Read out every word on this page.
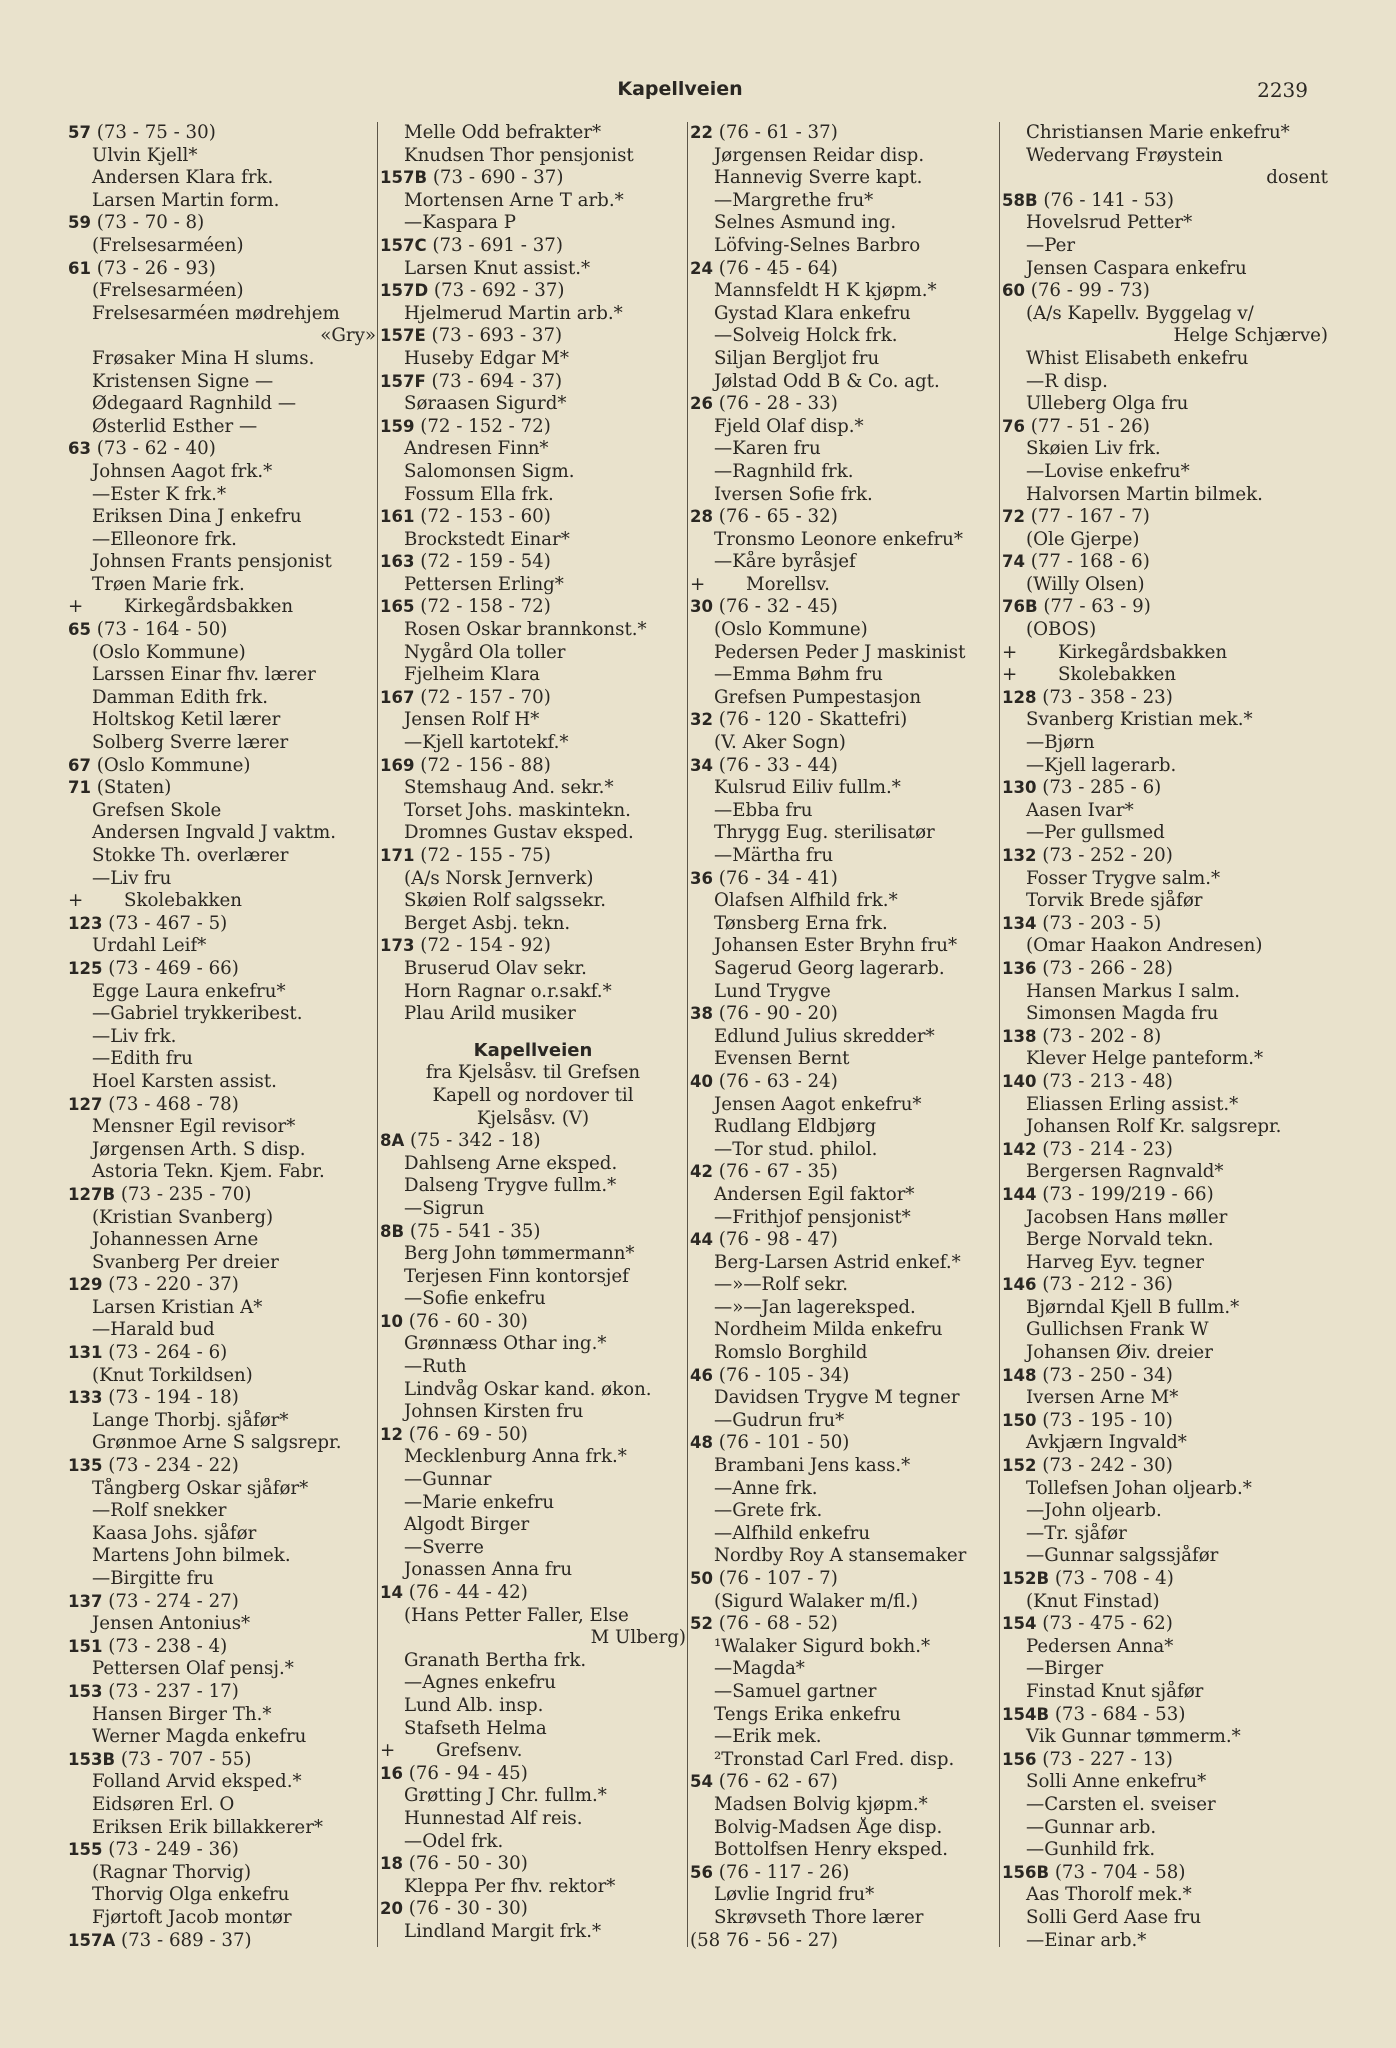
Kapellveien	2239
57 (73 - 75 - 30)
Ulvin Kjell*
Andersen Klara frk.
Larsen Martin form.
59 (73 - 70 - 8)
(Frelsesarméen)
61 (73 - 26 - 93)
(Frelsesarméen)
Frelsesarméen mødrehjem
«Gry»
Frøsaker Mina H slums.
Kristensen Signe —
Ødegaard Ragnhild —
Østerlid Esther —
63 (73 - 62 - 40)
Johnsen Aagot frk.*
—Ester K frk.*
Eriksen Dina J enkefru
—Elleonore frk.
Johnsen Frants pensjonist
Trøen Marie frk.
+ Kirkegårdsbakken
65 (73 - 164 - 50)
(Oslo Kommune)
Larssen Einar fhv. lærer
Damman Edith frk.
Holtskog Ketil lærer
Solberg Sverre lærer
67 (Oslo Kommune)
71 (Staten)
Grefsen Skole
Andersen Ingvald J vaktm.
Stokke Th. overlærer
—Liv fru
+ Skolebakken
123 (73 - 467 - 5)
Urdahl Leif*
125 (73 - 469 - 66)
Egge Laura enkefru*
—Gabriel trykkeribest.
—Liv frk.
—Edith fru
Hoel Karsten assist.
127 (73 - 468 - 78)
Mensner Egil revisor*
Jørgensen Arth. S disp.
Astoria Tekn. Kjem. Fabr.
127B (73 - 235 - 70)
(Kristian Svanberg)
Johannessen Arne
Svanberg Per dreier
129 (73 - 220 - 37)
Larsen Kristian A*
—Harald bud
131 (73 - 264 - 6)
(Knut Torkildsen)
133 (73 - 194 - 18)
Lange Thorbj. sjåfør*
Grønmoe Arne S salgsrepr.
135 (73 - 234 - 22)
Tångberg Oskar sjåfør*
—Rolf snekker
Kaasa Johs. sjåfør
Martens John bilmek.
—Birgitte fru
137 (73 - 274 - 27)
Jensen Antonius*
151 (73 - 238 - 4)
Pettersen Olaf pensj.*
153 (73 - 237 - 17)
Hansen Birger Th.*
Werner Magda enkefru
153B (73 - 707 - 55)
Folland Arvid eksped.*
Eidsøren Erl. O
Eriksen Erik billakkerer*
155 (73 - 249 - 36)
(Ragnar Thorvig)
Thorvig Olga enkefru
Fjørtoft Jacob montør
157A (73 - 689 - 37)
Melle Odd befrakter*
Knudsen Thor pensjonist
157B (73 - 690 - 37)
Mortensen Arne T arb.*
—Kaspara P
157C (73 - 691 - 37)
Larsen Knut assist.*
157D (73 - 692 - 37)
Hjelmerud Martin arb.*
157E (73 - 693 - 37)
Huseby Edgar M*
157F (73 - 694 - 37)
Søraasen Sigurd*
159 (72 - 152 - 72)
Andresen Finn*
Salomonsen Sigm.
Fossum Ella frk.
161 (72 - 153 - 60)
Brockstedt Einar*
163 (72 - 159 - 54)
Pettersen Erling*
165 (72 - 158 - 72)
Rosen Oskar brannkonst.*
Nygård Ola toller
Fjelheim Klara
167 (72 - 157 - 70)
Jensen Rolf H*
—Kjell kartotekf.*
169 (72 - 156 - 88)
Stemshaug And. sekr.*
Torset Johs. maskintekn.
Dromnes Gustav eksped.
171 (72 - 155 - 75)
(A/s Norsk Jernverk)
Skøien Rolf salgssekr.
Berget Asbj. tekn.
173 (72 - 154 - 92)
Bruserud Olav sekr.
Horn Ragnar o.r.sakf.*
Plau Arild musiker
Kapellveien
fra Kjelsåsv. til Grefsen
Kapell og nordover til
Kjelsåsv. (V)
8A (75 - 342 - 18)
Dahlseng Arne eksped.
Dalseng Trygve fullm.*
—Sigrun
8B (75 - 541 - 35)
Berg John tømmermann*
Terjesen Finn kontorsjef
—Sofie enkefru
10 (76 - 60 - 30)
Grønnæss Othar ing.*
—Ruth
Lindvåg Oskar kand. økon.
Johnsen Kirsten fru
12 (76 - 69 - 50)
Mecklenburg Anna frk.*
—Gunnar
—Marie enkefru
Algodt Birger
—Sverre
Jonassen Anna fru
14 (76 - 44 - 42)
(Hans Petter Faller, Else
M Ulberg)
Granath Bertha frk.
—Agnes enkefru
Lund Alb. insp.
Stafseth Helma
+ Grefsenv.
16 (76 - 94 - 45)
Grøtting J Chr. fullm.*
Hunnestad Alf reis.
—Odel frk.
18 (76 - 50 - 30)
Kleppa Per fhv. rektor*
20 (76 - 30 - 30)
Lindland Margit frk.*
22 (76 - 61 - 37)
Jørgensen Reidar disp.
Hannevig Sverre kapt.
—Margrethe fru*
Selnes Asmund ing.
Löfving-Selnes Barbro
24 (76 - 45 - 64)
Mannsfeldt H K kjøpm.*
Gystad Klara enkefru
—Solveig Holck frk.
Siljan Bergljot fru
Jølstad Odd B & Co. agt.
26 (76 - 28 - 33)
Fjeld Olaf disp.*
—Karen fru
—Ragnhild frk.
Iversen Sofie frk.
28 (76 - 65 - 32)
Tronsmo Leonore enkefru*
—Kåre byråsjef
+ Morellsv.
30 (76 - 32 - 45)
(Oslo Kommune)
Pedersen Peder J maskinist
—Emma Bøhm fru
Grefsen Pumpestasjon
32 (76 - 120 - Skattefri)
(V. Aker Sogn)
34 (76 - 33 - 44)
Kulsrud Eiliv fullm.*
—Ebba fru
Thrygg Eug. sterilisatør
—Märtha fru
36 (76 - 34 - 41)
Olafsen Alfhild frk.*
Tønsberg Erna frk.
Johansen Ester Bryhn fru*
Sagerud Georg lagerarb.
Lund Trygve
38 (76 - 90 - 20)
Edlund Julius skredder*
Evensen Bernt
40 (76 - 63 - 24)
Jensen Aagot enkefru*
Rudlang Eldbjørg
—Tor stud. philol.
42 (76 - 67 - 35)
Andersen Egil faktor*
—Frithjof pensjonist*
44 (76 - 98 - 47)
Berg-Larsen Astrid enkef.*
—»—Rolf sekr.
—»—Jan lagereksped.
Nordheim Milda enkefru
Romslo Borghild
46 (76 - 105 - 34)
Davidsen Trygve M tegner
—Gudrun fru*
48 (76 - 101 - 50)
Brambani Jens kass.*
—Anne frk.
—Grete frk.
—Alfhild enkefru
Nordby Roy A stansemaker
50 (76 - 107 - 7)
(Sigurd Walaker m/fl.)
52 (76 - 68 - 52)
¹Walaker Sigurd bokh.*
—Magda*
—Samuel gartner
Tengs Erika enkefru
—Erik mek.
²Tronstad Carl Fred. disp.
54 (76 - 62 - 67)
Madsen Bolvig kjøpm.*
Bolvig-Madsen Åge disp.
Bottolfsen Henry eksped.
56 (76 - 117 - 26)
Løvlie Ingrid fru*
Skrøvseth Thore lærer
(58 76 - 56 - 27)
Christiansen Marie enkefru*
Wedervang Frøystein
dosent
58B (76 - 141 - 53)
Hovelsrud Petter*
—Per
Jensen Caspara enkefru
60 (76 - 99 - 73)
(A/s Kapellv. Byggelag v/
Helge Schjærve)
Whist Elisabeth enkefru
—R disp.
Ulleberg Olga fru
76 (77 - 51 - 26)
Skøien Liv frk.
—Lovise enkefru*
Halvorsen Martin bilmek.
72 (77 - 167 - 7)
(Ole Gjerpe)
74 (77 - 168 - 6)
(Willy Olsen)
76B (77 - 63 - 9)
(OBOS)
+ Kirkegårdsbakken
+ Skolebakken
128 (73 - 358 - 23)
Svanberg Kristian mek.*
—Bjørn
—Kjell lagerarb.
130 (73 - 285 - 6)
Aasen Ivar*
—Per gullsmed
132 (73 - 252 - 20)
Fosser Trygve salm.*
Torvik Brede sjåfør
134 (73 - 203 - 5)
(Omar Haakon Andresen)
136 (73 - 266 - 28)
Hansen Markus I salm.
Simonsen Magda fru
138 (73 - 202 - 8)
Klever Helge panteform.*
140 (73 - 213 - 48)
Eliassen Erling assist.*
Johansen Rolf Kr. salgsrepr.
142 (73 - 214 - 23)
Bergersen Ragnvald*
144 (73 - 199/219 - 66)
Jacobsen Hans møller
Berge Norvald tekn.
Harveg Eyv. tegner
146 (73 - 212 - 36)
Bjørndal Kjell B fullm.*
Gullichsen Frank W
Johansen Øiv. dreier
148 (73 - 250 - 34)
Iversen Arne M*
150 (73 - 195 - 10)
Avkjærn Ingvald*
152 (73 - 242 - 30)
Tollefsen Johan oljearb.*
—John oljearb.
—Tr. sjåfør
—Gunnar salgssjåfør
152B (73 - 708 - 4)
(Knut Finstad)
154 (73 - 475 - 62)
Pedersen Anna*
—Birger
Finstad Knut sjåfør
154B (73 - 684 - 53)
Vik Gunnar tømmerm.*
156 (73 - 227 - 13)
Solli Anne enkefru*
—Carsten el. sveiser
—Gunnar arb.
—Gunhild frk.
156B (73 - 704 - 58)
Aas Thorolf mek.*
Solli Gerd Aase fru
—Einar arb.*
